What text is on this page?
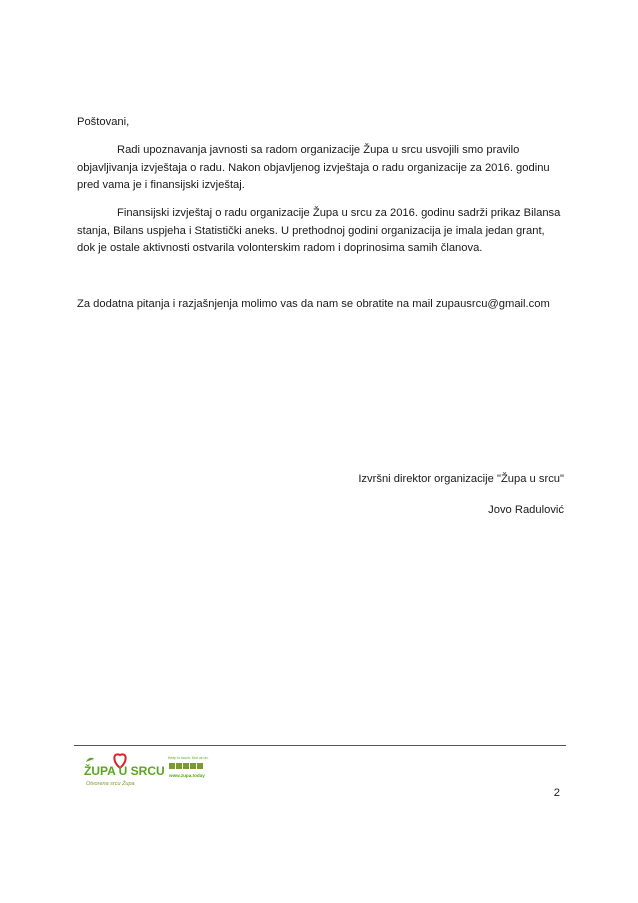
Poštovani,
Radi upoznavanja javnosti sa radom organizacije Župa u srcu usvojili smo pravilo objavljivanja izvještaja o radu. Nakon objavljenog izvještaja o radu organizacije za 2016. godinu pred vama je i finansijski izvještaj.
Finansijski izvještaj o radu organizacije Župa u srcu za 2016. godinu sadrži prikaz Bilansa stanja, Bilans uspjeha i Statistički aneks. U prethodnoj godini organizacija je imala jedan grant, dok je ostale aktivnosti ostvarila volonterskim radom i doprinosima samih članova.
Za dodatna pitanja i razjašnjenja molimo vas da nam se obratite na mail zupausrcu@gmail.com
Izvršni direktor organizacije "Župa u srcu"
Jovo Radulović
ŽUPA U SRCU
Otvorena srcu Župa
Keep in touch, find us on:
www.zupa.today
2
